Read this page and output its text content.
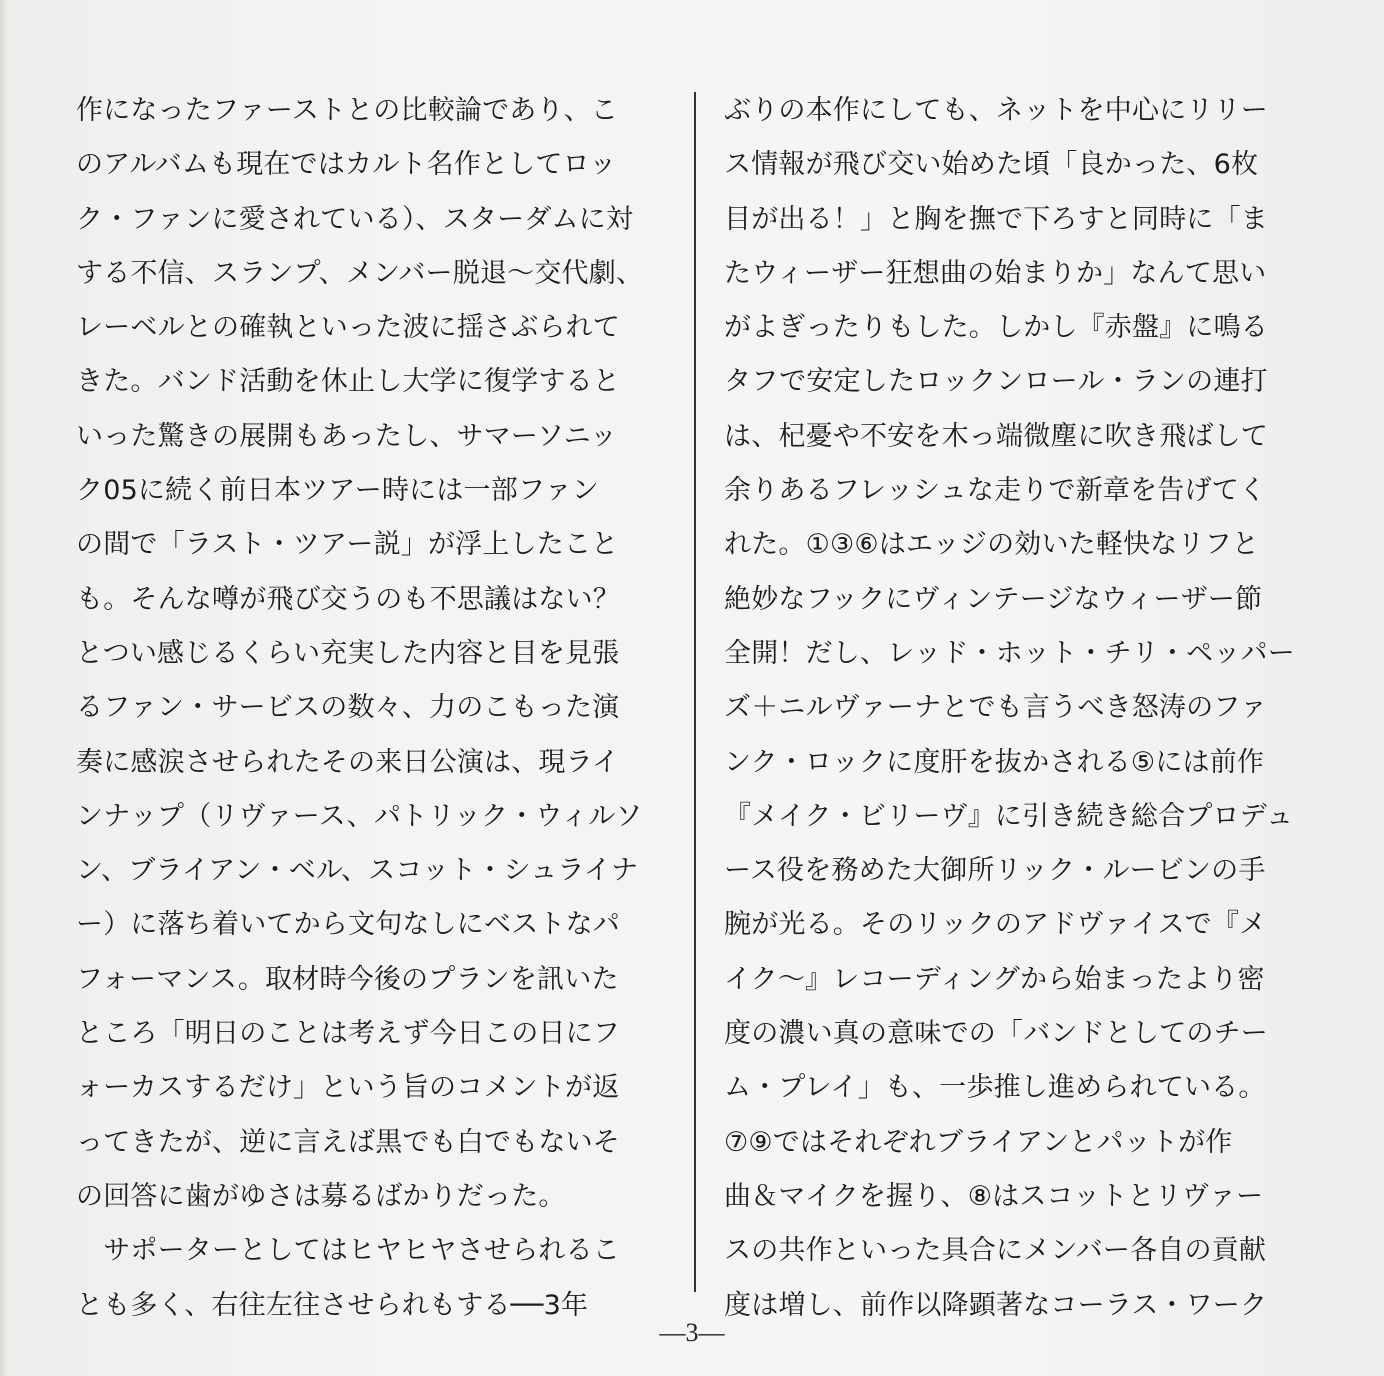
作になったファーストとの比較論であり、こ
のアルバムも現在ではカルト名作としてロッ
ク・ファンに愛されている）、スターダムに対
する不信、スランプ、メンバー脱退〜交代劇、
レーベルとの確執といった波に揺さぶられて
きた。バンド活動を休止し大学に復学すると
いった驚きの展開もあったし、サマーソニッ
ク05に続く前日本ツアー時には一部ファン
の間で「ラスト・ツアー説」が浮上したこと
も。そんな噂が飛び交うのも不思議はない？
とつい感じるくらい充実した内容と目を見張
るファン・サービスの数々、力のこもった演
奏に感涙させられたその来日公演は、現ライ
ンナップ（リヴァース、パトリック・ウィルソ
ン、ブライアン・ベル、スコット・シュライナ
ー）に落ち着いてから文句なしにベストなパ
フォーマンス。取材時今後のプランを訊いた
ところ「明日のことは考えず今日この日にフ
ォーカスするだけ」という旨のコメントが返
ってきたが、逆に言えば黒でも白でもないそ
の回答に歯がゆさは募るばかりだった。
　サポーターとしてはヒヤヒヤさせられるこ
とも多く、右往左往させられもする──3年
ぶりの本作にしても、ネットを中心にリリー
ス情報が飛び交い始めた頃「良かった、6枚
目が出る！」と胸を撫で下ろすと同時に「ま
たウィーザー狂想曲の始まりか」なんて思い
がよぎったりもした。しかし『赤盤』に鳴る
タフで安定したロックンロール・ランの連打
は、杞憂や不安を木っ端微塵に吹き飛ばして
余りあるフレッシュな走りで新章を告げてく
れた。①③⑥はエッジの効いた軽快なリフと
絶妙なフックにヴィンテージなウィーザー節
全開！だし、レッド・ホット・チリ・ペッパー
ズ＋ニルヴァーナとでも言うべき怒涛のファ
ンク・ロックに度肝を抜かされる⑤には前作
『メイク・ビリーヴ』に引き続き総合プロデュ
ース役を務めた大御所リック・ルービンの手
腕が光る。そのリックのアドヴァイスで『メ
イク〜』レコーディングから始まったより密
度の濃い真の意味での「バンドとしてのチー
ム・プレイ」も、一歩推し進められている。
⑦⑨ではそれぞれブライアンとパットが作
曲＆マイクを握り、⑧はスコットとリヴァー
スの共作といった具合にメンバー各自の貢献
度は増し、前作以降顕著なコーラス・ワーク
—3—
